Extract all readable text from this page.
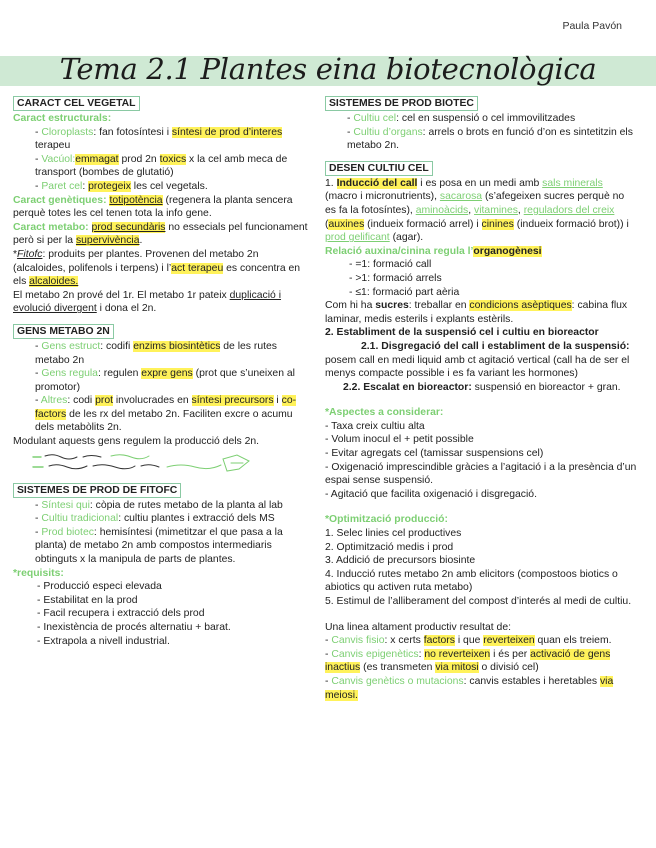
Paula Pavón
Tema 2.1 Plantes eina biotecnològica
CARACT CEL VEGETAL

Caract estructurals:

- Cloroplasts: fan fotosíntesi i síntesi de prod d’interes terapeu

- Vacúol:emmagat prod 2n toxics x la cel amb meca de transport (bombes de glutatió)

- Paret cel: protegeix les cel vegetals.

Caract genètiques: totipotència (regenera la planta sencera perquè totes les cel tenen tota la info gene.

Caract metabo: prod secundàris no essecials pel funcionament però si per la supervivència.

*Fitofc: produits per plantes. Provenen del metabo 2n (alcaloides, polifenols i terpens) i l’act terapeu es concentra en els alcaloides.

El metabo 2n prové del 1r. El metabo 1r pateix duplicació i evolució divergent i dona el 2n.

GENS METABO 2N

- Gens estruct: codifi enzims biosintètics de les rutes metabo 2n

- Gens regula: regulen expre gens (prot que s’uneixen al promotor)

- Altres: codi prot involucrades en síntesi precursors i co-factors de les rx del metabo 2n. Faciliten excre o acumu dels metabòlits 2n.

Modulant aquests gens regulem la producció dels 2n.

SISTEMES DE PROD DE FITOFC

- Síntesi qui: còpia de rutes metabo de la planta al lab

- Cultiu tradicional: cultiu plantes i extracció dels MS

- Prod biotec: hemisíntesi (mimetitzar el que pasa a la planta) de metabo 2n amb compostos intermediaris obtinguts x la manipula de parts de plantes.

*requisits:

- Producció especi elevada

- Estabilitat en la prod

- Facil recupera i extracció dels prod

- Inexistència de procés alternatiu + barat.

- Extrapola a nivell industrial.

SISTEMES DE PROD BIOTEC

- Cultiu cel: cel en suspensió o cel immovilitzades

- Cultiu d’organs: arrels o brots en funció d’on es sintetitzin els metabo 2n.

DESEN CULTIU CEL

1. Inducció del call i es posa en un medi amb sals minerals (macro i micronutrients), sacarosa (s’afegeixen sucres perquè no es fa la fotosíntes), aminoàcids, vitamines, reguladors del creix (auxines (indueix formació arrel) i cinines (indueix formació brot)) i prod gelificant (agar).

Relació auxina/cinina regula l’organogènesi

- =1: formació call

- >1: formació arrels

- ≤1: formació part aèria

Com hi ha sucres: treballar en condicions asèptiques: cabina flux laminar, medis esterils i explants estèrils.

2. Establiment de la suspensió cel i cultiu en bioreactor

2.1. Disgregació del call i establiment de la suspensió: posem call en medi liquid amb ct agitació vertical (call ha de ser el menys compacte possible i es fa variant les hormones)

2.2. Escalat en bioreactor: suspensió en bioreactor + gran.

*Aspectes a considerar:

- Taxa creix cultiu alta

- Volum inocul el + petit possible

- Evitar agregats cel (tamissar suspensions cel)

- Oxigenació imprescindible gràcies a l’agitació i a la presència d’un espai sense suspensió.

- Agitació que facilita oxigenació i disgregació.

*Optimització producció:

1. Selec linies cel productives

2. Optimització medis i prod

3. Addició de precursors biosinte

4. Inducció rutes metabo 2n amb elicitors (compostoos biotics o abiotics qu activen ruta metabo)

5. Estimul de l’alliberament del compost d’interés al medi de cultiu.

Una linea altament productiv resultat de:

- Canvis fisio: x certs factors i que reverteixen quan els treiem.

- Canvis epigenètics: no reverteixen i és per activació de gens inactius (es transmeten via mitosi o divisió cel)

- Canvis genètics o mutacions: canvis estables i heretables via meiosi.
